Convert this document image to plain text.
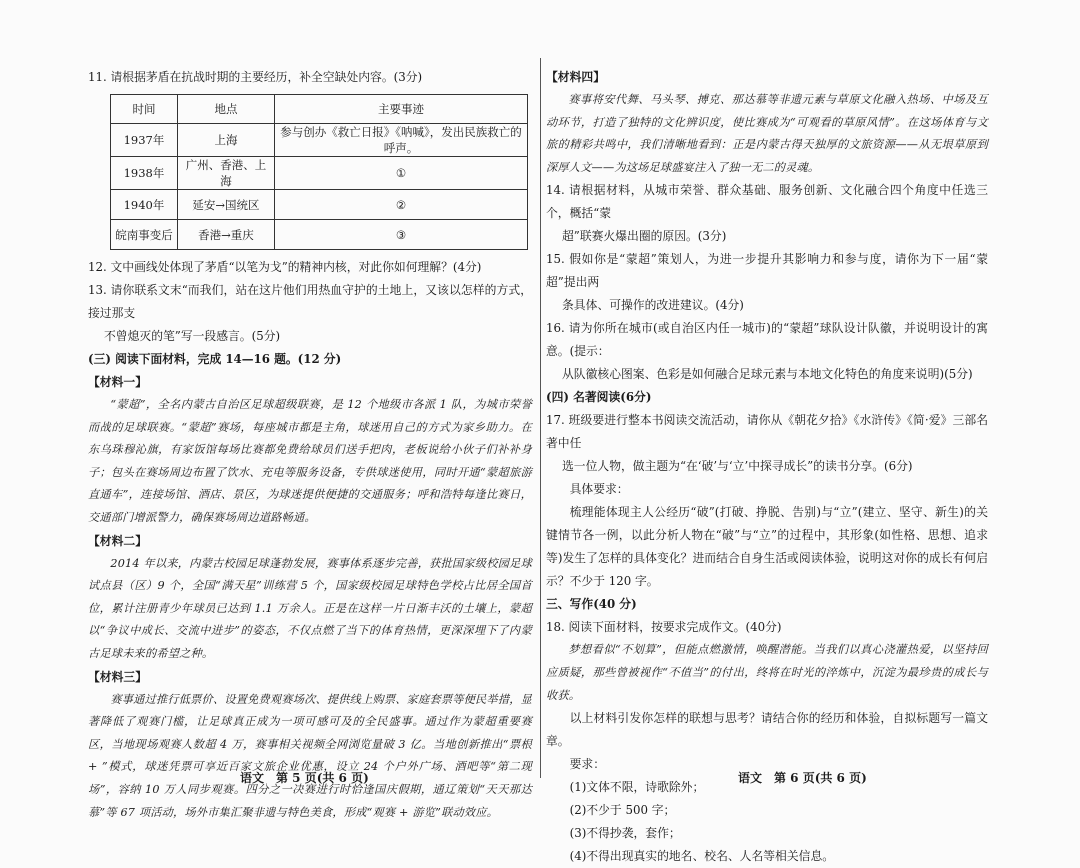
11. 请根据茅盾在抗战时期的主要经历，补全空缺处内容。(3分)

时间	地点	主要事迹
1937年	上海	参与创办《救亡日报》《呐喊》，发出民族救亡的呼声。
1938年	广州、香港、上海	①
1940年	延安→国统区	②
皖南事变后	香港→重庆	③

12. 文中画线处体现了茅盾“以笔为戈”的精神内核，对此你如何理解？(4分)

13. 请你联系文末“而我们，站在这片他们用热血守护的土地上，又该以怎样的方式，接过那支

不曾熄灭的笔”写一段感言。(5分)

(三) 阅读下面材料，完成 14—16 题。(12 分)

【材料一】

“蒙超”，全名内蒙古自治区足球超级联赛，是 12 个地级市各派 1 队，为城市荣誉而战的足球联赛。“蒙超”赛场，每座城市都是主角，球迷用自己的方式为家乡助力。在东乌珠穆沁旗，有家饭馆每场比赛都免费给球员们送手把肉，老板说给小伙子们补补身子；包头在赛场周边布置了饮水、充电等服务设备，专供球迷使用，同时开通“蒙超旅游直通车”，连接场馆、酒店、景区，为球迷提供便捷的交通服务；呼和浩特每逢比赛日，交通部门增派警力，确保赛场周边道路畅通。

【材料二】

2014 年以来，内蒙古校园足球蓬勃发展，赛事体系逐步完善，获批国家级校园足球试点县（区）9 个，全国“满天星”训练营 5 个，国家级校园足球特色学校占比居全国首位，累计注册青少年球员已达到 1.1 万余人。正是在这样一片日渐丰沃的土壤上，蒙超以“争议中成长、交流中进步”的姿态，不仅点燃了当下的体育热情，更深深埋下了内蒙古足球未来的希望之种。

【材料三】

赛事通过推行低票价、设置免费观赛场次、提供线上购票、家庭套票等便民举措，显著降低了观赛门槛，让足球真正成为一项可感可及的全民盛事。通过作为蒙超重要赛区，当地现场观赛人数超 4 万，赛事相关视频全网浏览量破 3 亿。当地创新推出“票根 + ”模式，球迷凭票可享近百家文旅企业优惠，设立 24 个户外广场、酒吧等“第二现场”，容纳 10 万人同步观赛。四分之一决赛进行时恰逢国庆假期，通辽策划“天天那达慕”等 67 项活动，场外市集汇聚非遗与特色美食，形成“观赛 + 游览”联动效应。

【材料四】

赛事将安代舞、马头琴、搏克、那达慕等非遗元素与草原文化融入热场、中场及互动环节，打造了独特的文化辨识度，使比赛成为“可观看的草原风情”。在这场体育与文旅的精彩共鸣中，我们清晰地看到：正是内蒙古得天独厚的文旅资源——从无垠草原到深厚人文——为这场足球盛宴注入了独一无二的灵魂。

14. 请根据材料，从城市荣誉、群众基础、服务创新、文化融合四个角度中任选三个，概括“蒙

超”联赛火爆出圈的原因。(3分)

15. 假如你是“蒙超”策划人，为进一步提升其影响力和参与度，请你为下一届“蒙超”提出两

条具体、可操作的改进建议。(4分)

16. 请为你所在城市(或自治区内任一城市)的“蒙超”球队设计队徽，并说明设计的寓意。(提示：

从队徽核心图案、色彩是如何融合足球元素与本地文化特色的角度来说明)(5分)

(四) 名著阅读(6分)

17. 班级要进行整本书阅读交流活动，请你从《朝花夕拾》《水浒传》《简·爱》三部名著中任

选一位人物，做主题为“在‘破’与‘立’中探寻成长”的读书分享。(6分)

具体要求：

梳理能体现主人公经历“破”(打破、挣脱、告别)与“立”(建立、坚守、新生)的关键情节各一例，以此分析人物在“破”与“立”的过程中，其形象(如性格、思想、追求等)发生了怎样的具体变化？进而结合自身生活或阅读体验，说明这对你的成长有何启示？不少于 120 字。

三、写作(40 分)

18. 阅读下面材料，按要求完成作文。(40分)

梦想看似“不划算”，但能点燃激情，唤醒潜能。当我们以真心浇灌热爱，以坚持回应质疑，那些曾被视作“不值当”的付出，终将在时光的淬炼中，沉淀为最珍贵的成长与收获。

以上材料引发你怎样的联想与思考？请结合你的经历和体验，自拟标题写一篇文章。

要求：

(1)文体不限，诗歌除外；

(2)不少于 500 字；

(3)不得抄袭，套作；

(4)不得出现真实的地名、校名、人名等相关信息。

语文　第 5 页(共 6 页)	语文　第 6 页(共 6 页)
